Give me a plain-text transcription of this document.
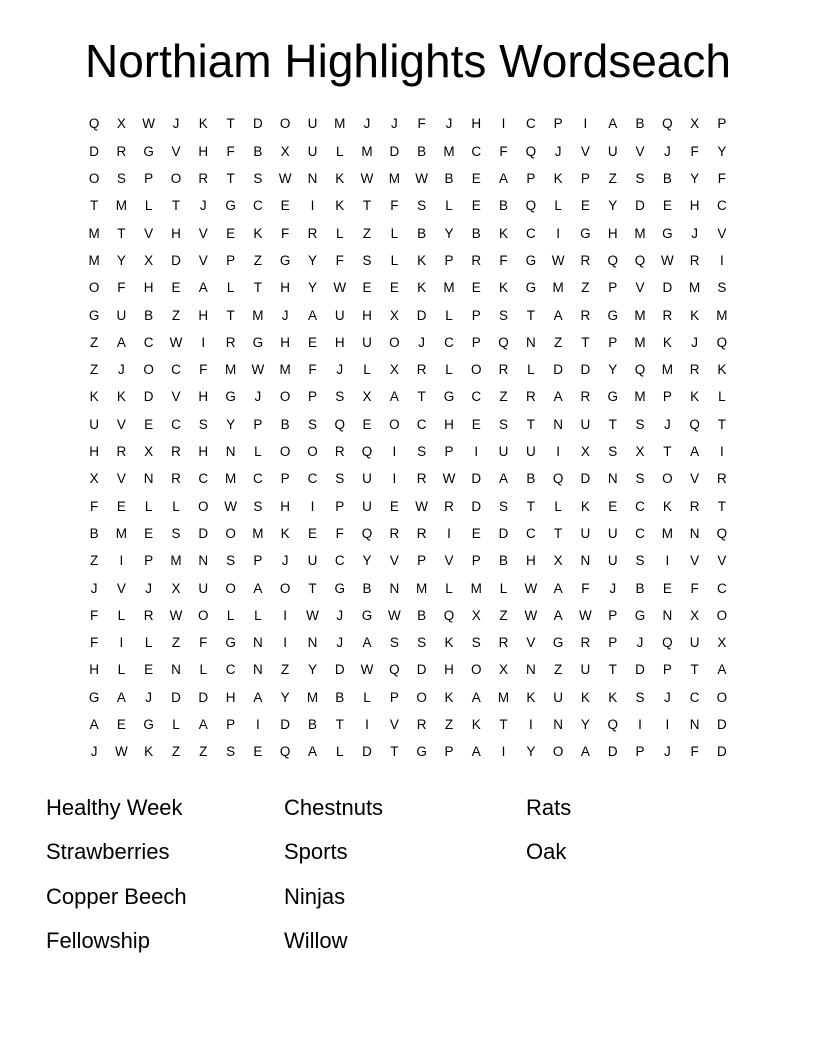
Northiam Highlights Wordseach
Q	X	W	J	K	T	D	O	U	M	J	J	F	J	H	I	C	P	I	A	B	Q	X	P
D	R	G	V	H	F	B	X	U	L	M	D	B	M	C	F	Q	J	V	U	V	J	F	Y
O	S	P	O	R	T	S	W	N	K	W	M	W	B	E	A	P	K	P	Z	S	B	Y	F
T	M	L	T	J	G	C	E	I	K	T	F	S	L	E	B	Q	L	E	Y	D	E	H	C
M	T	V	H	V	E	K	F	R	L	Z	L	B	Y	B	K	C	I	G	H	M	G	J	V
M	Y	X	D	V	P	Z	G	Y	F	S	L	K	P	R	F	G	W	R	Q	Q	W	R	I
O	F	H	E	A	L	T	H	Y	W	E	E	K	M	E	K	G	M	Z	P	V	D	M	S
G	U	B	Z	H	T	M	J	A	U	H	X	D	L	P	S	T	A	R	G	M	R	K	M
Z	A	C	W	I	R	G	H	E	H	U	O	J	C	P	Q	N	Z	T	P	M	K	J	Q
Z	J	O	C	F	M	W	M	F	J	L	X	R	L	O	R	L	D	D	Y	Q	M	R	K
K	K	D	V	H	G	J	O	P	S	X	A	T	G	C	Z	R	A	R	G	M	P	K	L
U	V	E	C	S	Y	P	B	S	Q	E	O	C	H	E	S	T	N	U	T	S	J	Q	T
H	R	X	R	H	N	L	O	O	R	Q	I	S	P	I	U	U	I	X	S	X	T	A	I
X	V	N	R	C	M	C	P	C	S	U	I	R	W	D	A	B	Q	D	N	S	O	V	R
F	E	L	L	O	W	S	H	I	P	U	E	W	R	D	S	T	L	K	E	C	K	R	T
B	M	E	S	D	O	M	K	E	F	Q	R	R	I	E	D	C	T	U	U	C	M	N	Q
Z	I	P	M	N	S	P	J	U	C	Y	V	P	V	P	B	H	X	N	U	S	I	V	V
J	V	J	X	U	O	A	O	T	G	B	N	M	L	M	L	W	A	F	J	B	E	F	C
F	L	R	W	O	L	L	I	W	J	G	W	B	Q	X	Z	W	A	W	P	G	N	X	O
F	I	L	Z	F	G	N	I	N	J	A	S	S	K	S	R	V	G	R	P	J	Q	U	X
H	L	E	N	L	C	N	Z	Y	D	W	Q	D	H	O	X	N	Z	U	T	D	P	T	A
G	A	J	D	D	H	A	Y	M	B	L	P	O	K	A	M	K	U	K	K	S	J	C	O
A	E	G	L	A	P	I	D	B	T	I	V	R	Z	K	T	I	N	Y	Q	I	I	N	D
J	W	K	Z	Z	S	E	Q	A	L	D	T	G	P	A	I	Y	O	A	D	P	J	F	D
Healthy Week	Chestnuts	Rats
Strawberries	Sports	Oak
Copper Beech	Ninjas
Fellowship	Willow
